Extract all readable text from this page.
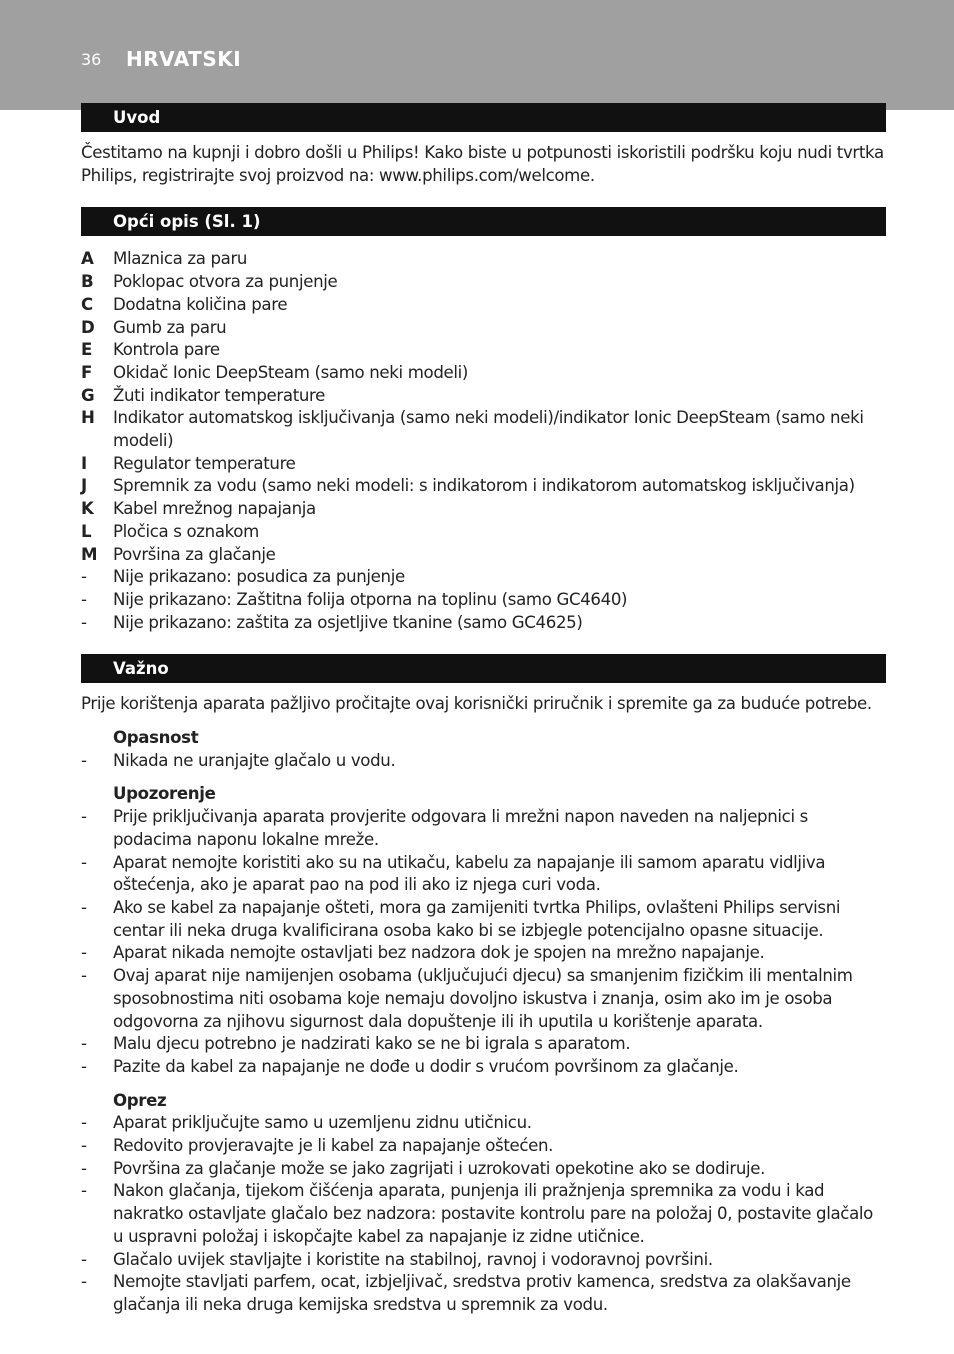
36 HRVATSKI
Uvod

Čestitamo na kupnji i dobro došli u Philips! Kako biste u potpunosti iskoristili podršku koju nudi tvrtka Philips, registrirajte svoj proizvod na: www.philips.com/welcome.

Opći opis (Sl. 1)
A	Mlaznica za paru
B	Poklopac otvora za punjenje
C	Dodatna količina pare
D	Gumb za paru
E	Kontrola pare
F	Okidač Ionic DeepSteam (samo neki modeli)
G	Žuti indikator temperature
H	Indikator automatskog isključivanja (samo neki modeli)/indikator Ionic DeepSteam (samo neki modeli)
I	Regulator temperature
J	Spremnik za vodu (samo neki modeli: s indikatorom i indikatorom automatskog isključivanja)
K	Kabel mrežnog napajanja
L	Pločica s oznakom
M Površina za glačanje
-	Nije prikazano: posudica za punjenje
-	Nije prikazano: Zaštitna folija otporna na toplinu (samo GC4640)
-	Nije prikazano: zaštita za osjetljive tkanine (samo GC4625)
Važno

Prije korištenja aparata pažljivo pročitajte ovaj korisnički priručnik i spremite ga za buduće potrebe.

Opasnost
-	Nikada ne uranjajte glačalo u vodu.
Upozorenje
-	Prije priključivanja aparata provjerite odgovara li mrežni napon naveden na naljepnici s podacima naponu lokalne mreže.
-	Aparat nemojte koristiti ako su na utikaču, kabelu za napajanje ili samom aparatu vidljiva oštećenja, ako je aparat pao na pod ili ako iz njega curi voda.
-	Ako se kabel za napajanje ošteti, mora ga zamijeniti tvrtka Philips, ovlašteni Philips servisni centar ili neka druga kvalificirana osoba kako bi se izbjegle potencijalno opasne situacije.
-	Aparat nikada nemojte ostavljati bez nadzora dok je spojen na mrežno napajanje.
-	Ovaj aparat nije namijenjen osobama (uključujući djecu) sa smanjenim fizičkim ili mentalnim sposobnostima niti osobama koje nemaju dovoljno iskustva i znanja, osim ako im je osoba odgovorna za njihovu sigurnost dala dopuštenje ili ih uputila u korištenje aparata.
-	Malu djecu potrebno je nadzirati kako se ne bi igrala s aparatom.
-	Pazite da kabel za napajanje ne dođe u dodir s vrućom površinom za glačanje.
Oprez
-	Aparat priključujte samo u uzemljenu zidnu utičnicu.
-	Redovito provjeravajte je li kabel za napajanje oštećen.
-	Površina za glačanje može se jako zagrijati i uzrokovati opekotine ako se dodiruje.
-	Nakon glačanja, tijekom čišćenja aparata, punjenja ili pražnjenja spremnika za vodu i kad nakratko ostavljate glačalo bez nadzora: postavite kontrolu pare na položaj 0, postavite glačalo u uspravni položaj i iskopčajte kabel za napajanje iz zidne utičnice.
-	Glačalo uvijek stavljajte i koristite na stabilnoj, ravnoj i vodoravnoj površini.
-	Nemojte stavljati parfem, ocat, izbjeljivač, sredstva protiv kamenca, sredstva za olakšavanje glačanja ili neka druga kemijska sredstva u spremnik za vodu.
